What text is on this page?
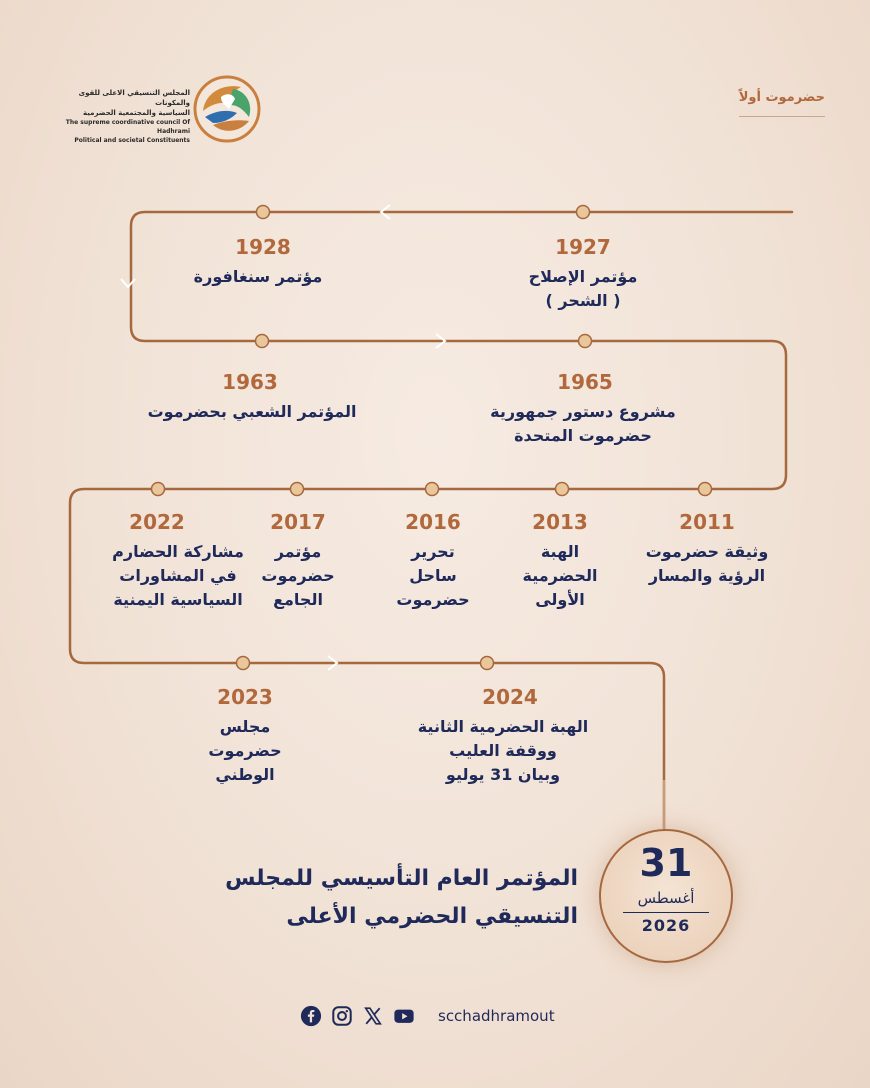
حضرموت أولاً
المجلس التنسيقي الاعلى للقوى والمكونات
السياسية والمجتمعية الحضرمية
The supreme coordinative council Of Hadhrami
Political and societal Constituents
1927
مؤتمر الإصلاح
( الشحر )
1928
مؤتمر سنغافورة
1965
مشروع دستور جمهورية
حضرموت المتحدة
1963
المؤتمر الشعبي بحضرموت
2011
وثيقة حضرموت
الرؤية والمسار
2013
الهبة
الحضرمية
الأولى
2016
تحرير
ساحل
حضرموت
2017
مؤتمر
حضرموت
الجامع
2022
مشاركة الحضارم
في المشاورات
السياسية اليمنية
2024
الهبة الحضرمية الثانية
ووقفة العليب
وبيان 31 يوليو
2023
مجلس
حضرموت
الوطني
31
أغسطس
2026
المؤتمر العام التأسيسي للمجلس
التنسيقي الحضرمي الأعلى
scchadhramout
